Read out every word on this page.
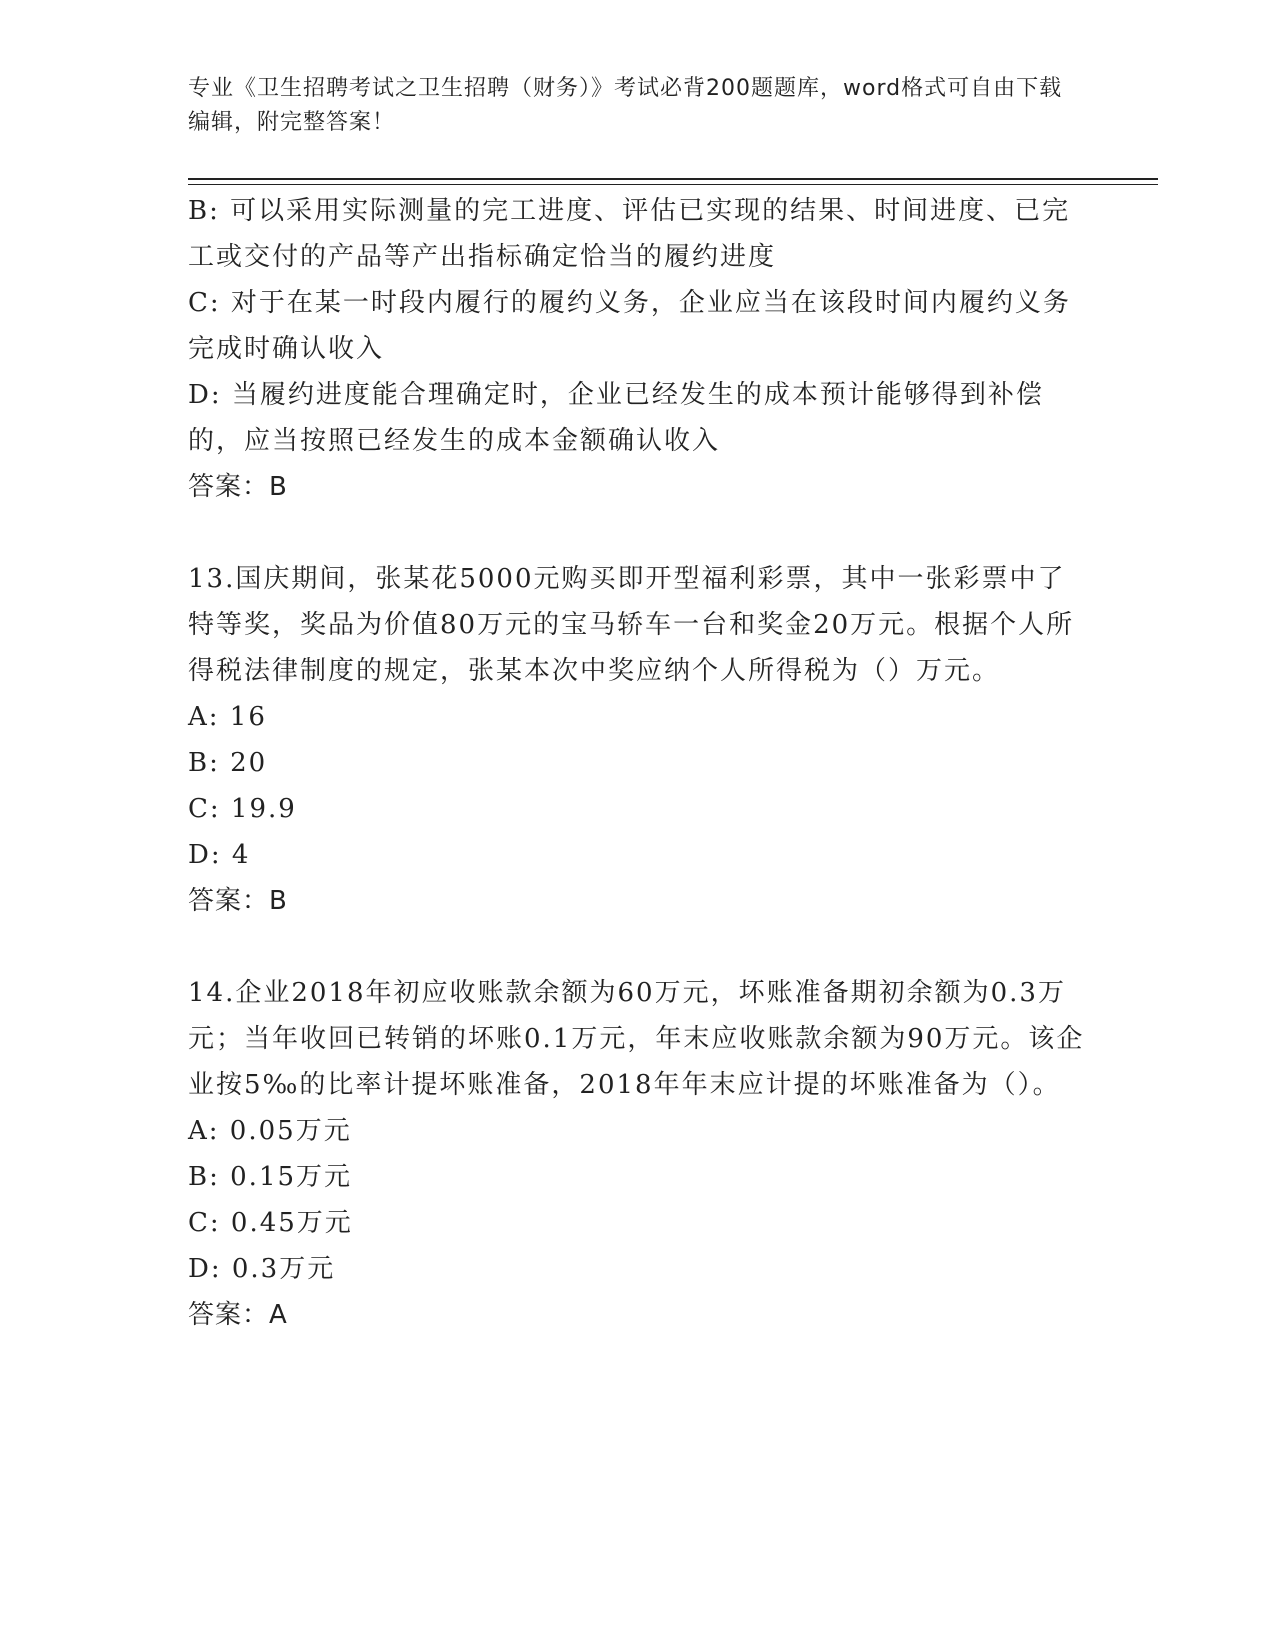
专业《卫生招聘考试之卫生招聘（财务）》考试必背200题题库，word格式可自由下载编辑，附完整答案！
B: 可以采用实际测量的完工进度、评估已实现的结果、时间进度、已完工或交付的产品等产出指标确定恰当的履约进度
C: 对于在某一时段内履行的履约义务，企业应当在该段时间内履约义务完成时确认收入
D: 当履约进度能合理确定时，企业已经发生的成本预计能够得到补偿的，应当按照已经发生的成本金额确认收入
答案：B
13.国庆期间，张某花5000元购买即开型福利彩票，其中一张彩票中了特等奖，奖品为价值80万元的宝马轿车一台和奖金20万元。根据个人所得税法律制度的规定，张某本次中奖应纳个人所得税为（）万元。
A: 16
B: 20
C: 19.9
D: 4
答案：B
14.企业2018年初应收账款余额为60万元，坏账准备期初余额为0.3万元；当年收回已转销的坏账0.1万元，年末应收账款余额为90万元。该企业按5‰的比率计提坏账准备，2018年年末应计提的坏账准备为（）。
A: 0.05万元
B: 0.15万元
C: 0.45万元
D: 0.3万元
答案：A
